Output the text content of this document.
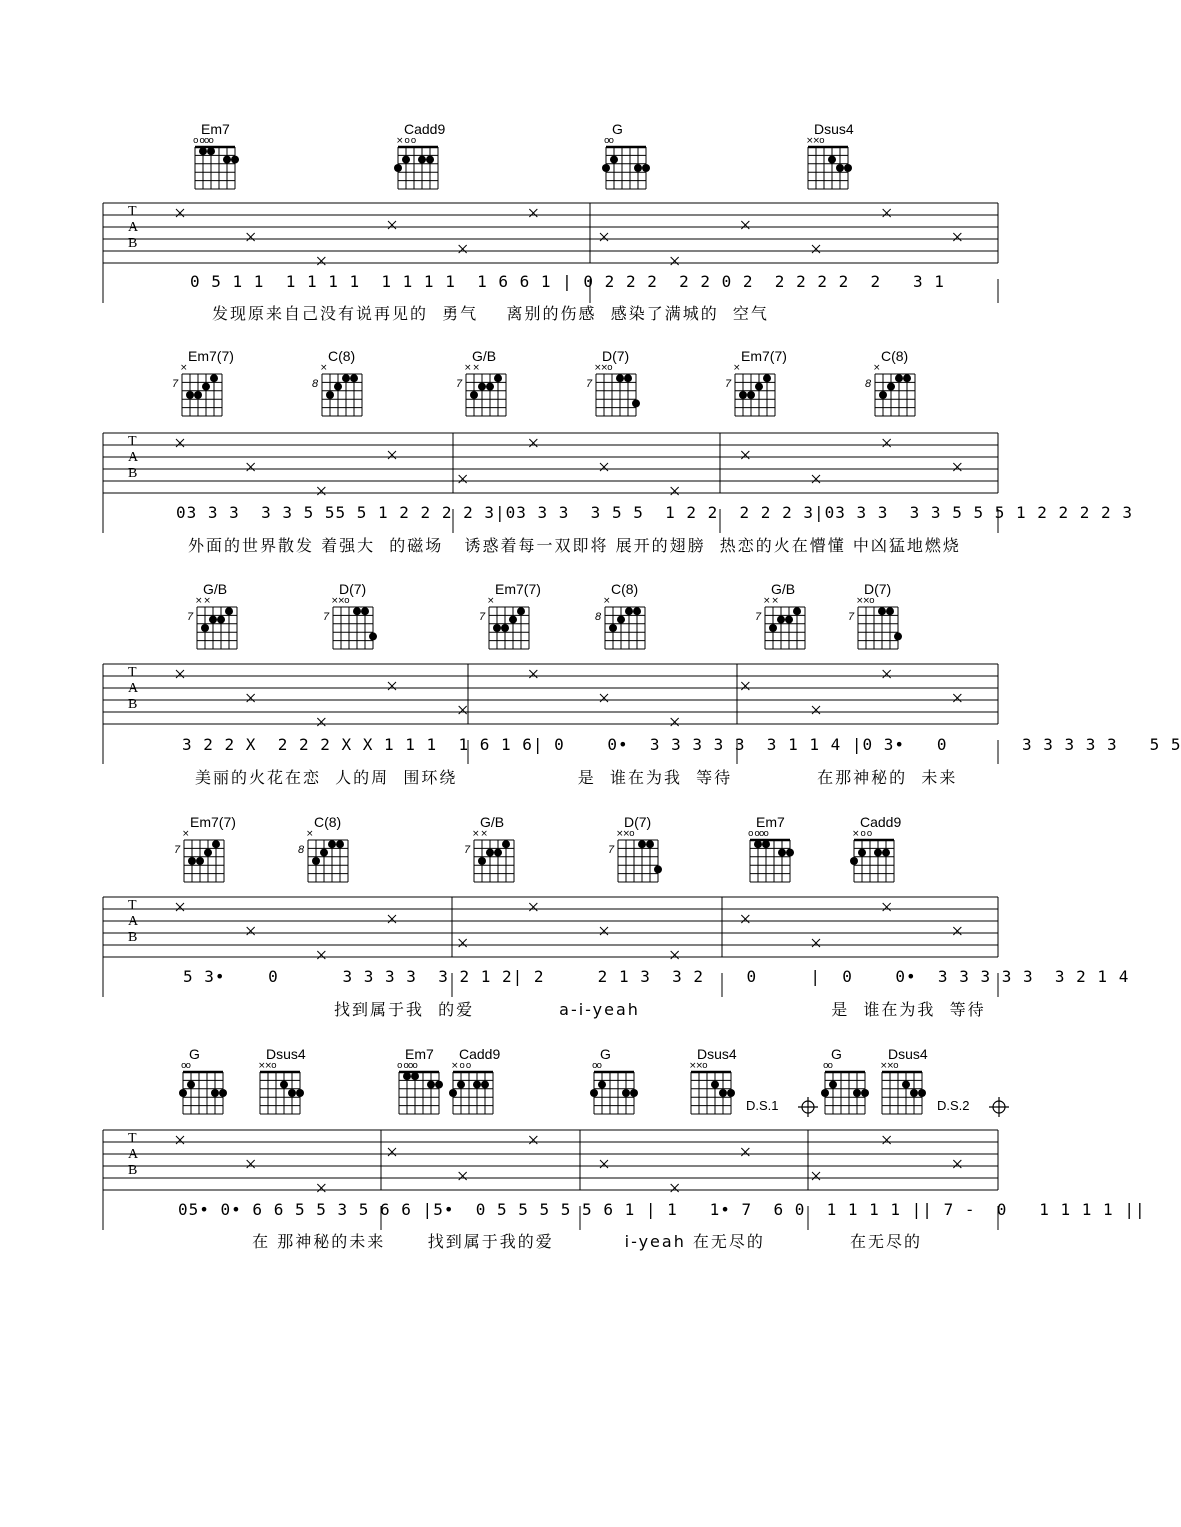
Em7
o ooo
Cadd9
× o o
G
oo
Dsus4
××o
Em7(7)
×
7
C(8)
×
8
G/B
× ×
7
D(7)
××o
7
Em7(7)
×
7
C(8)
×
8
G/B
× ×
7
D(7)
××o
7
Em7(7)
×
7
C(8)
×
8
G/B
× ×
7
D(7)
××o
7
Em7(7)
×
7
C(8)
×
8
G/B
× ×
7
D(7)
××o
7
Em7
o ooo
Cadd9
× o o
G
oo
Dsus4
××o
Em7
o ooo
Cadd9
× o o
G
oo
Dsus4
××o
G
oo
Dsus4
××o
T
A
B
0 5 1 1  1 1 1 1  1 1 1 1  1 6 6 1 | 0 2 2 2  2 2 0 2  2 2 2 2  2   3 1
发现原来自己没有说再见的  勇气    离别的伤感  感染了满城的  空气
T
A
B
03 3 3  3 3 5 55 5 1 2 2 2 2 3|03 3 3  3 5 5  1 2 2  2 2 2 3|03 3 3  3 3 5 5 5 1 2 2 2 2 3
外面的世界散发 着强大  的磁场   诱惑着每一双即将 展开的翅膀  热恋的火在懵懂 中凶猛地燃烧
T
A
B
3 2 2 X  2 2 2 X X 1 1 1  1 6 1 6| 0    0•  3 3 3 3 3  3 1 1 4 |0 3•   0       3 3 3 3 3   5 5
美丽的火花在恋  人的周  围环绕                 是  谁在为我  等待            在那神秘的  未来
T
A
B
5 3•    0      3 3 3 3  3 2 1 2| 2     2 1 3  3 2    0     |  0    0•  3 3 3 3 3  3 2 1 4
找到属于我  的爱            a-i-yeah                           是  谁在为我  等待
T
A
B
05• 0• 6 6 5 5 3 5 6 6 |5•  0 5 5 5 5 5 6 1 | 1   1• 7  6 0  1 1 1 1 || 7 -  0   1 1 1 1 ||
在 那神秘的未来      找到属于我的爱          i-yeah 在无尽的            在无尽的
D.S.1	D.S.2
